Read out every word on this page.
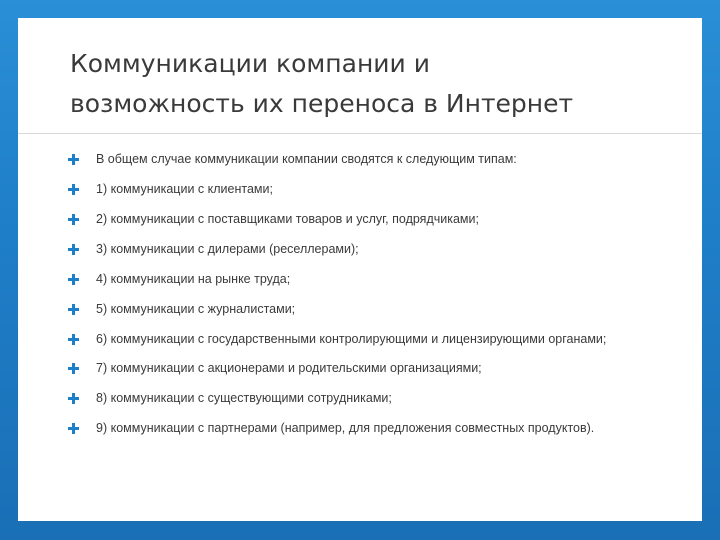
Коммуникации компании и
возможность их переноса в Интернет
В общем случае коммуникации компании сводятся к следующим типам:
1) коммуникации с клиентами;
2) коммуникации с поставщиками товаров и услуг, подрядчиками;
3) коммуникации с дилерами (реселлерами);
4) коммуникации на рынке труда;
5) коммуникации с журналистами;
6) коммуникации с государственными контролирующими и лицензирующими органами;
7) коммуникации с акционерами и родительскими организациями;
8) коммуникации с существующими сотрудниками;
9) коммуникации с партнерами (например, для предложения совместных продуктов).
